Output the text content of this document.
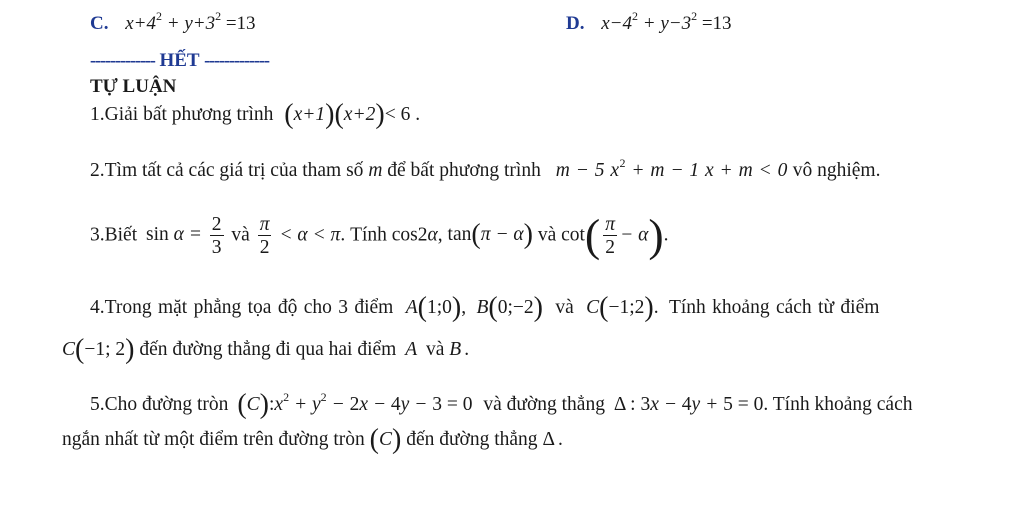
C. $x+4^2 + y+3^2 =13$	D. $x-4^2 + y-3^2 =13$
------------- HẾT -------------
TỰ LUẬN
1.Giải bất phương trình (x+1)(x+2)< 6 .
2.Tìm tất cả các giá trị của tham số m để bất phương trình m − 5 $x^2 + m - 1$ x + m < 0 vô nghiệm.
3.Biết $\sin \alpha = \frac{2}{3}$ và $\frac{\pi}{2} < \alpha < \pi$. Tính cos2α, tan(π − α) và $\cot( \frac{\pi}{2} - \alpha)$.
4.Trong mặt phẳng tọa độ cho 3 điểm A(1;0), B(0;−2) và C(−1;2). Tính khoảng cách từ điểm
C(−1; 2) đến đường thẳng đi qua hai điểm A và B .
5.Cho đường tròn $(C):x^2 + y^2 - 2x - 4y - 3 = 0$ và đường thẳng Δ : 3x − 4y + 5 = 0. Tính khoảng cách
ngắn nhất từ một điểm trên đường tròn (C) đến đường thẳng Δ .
